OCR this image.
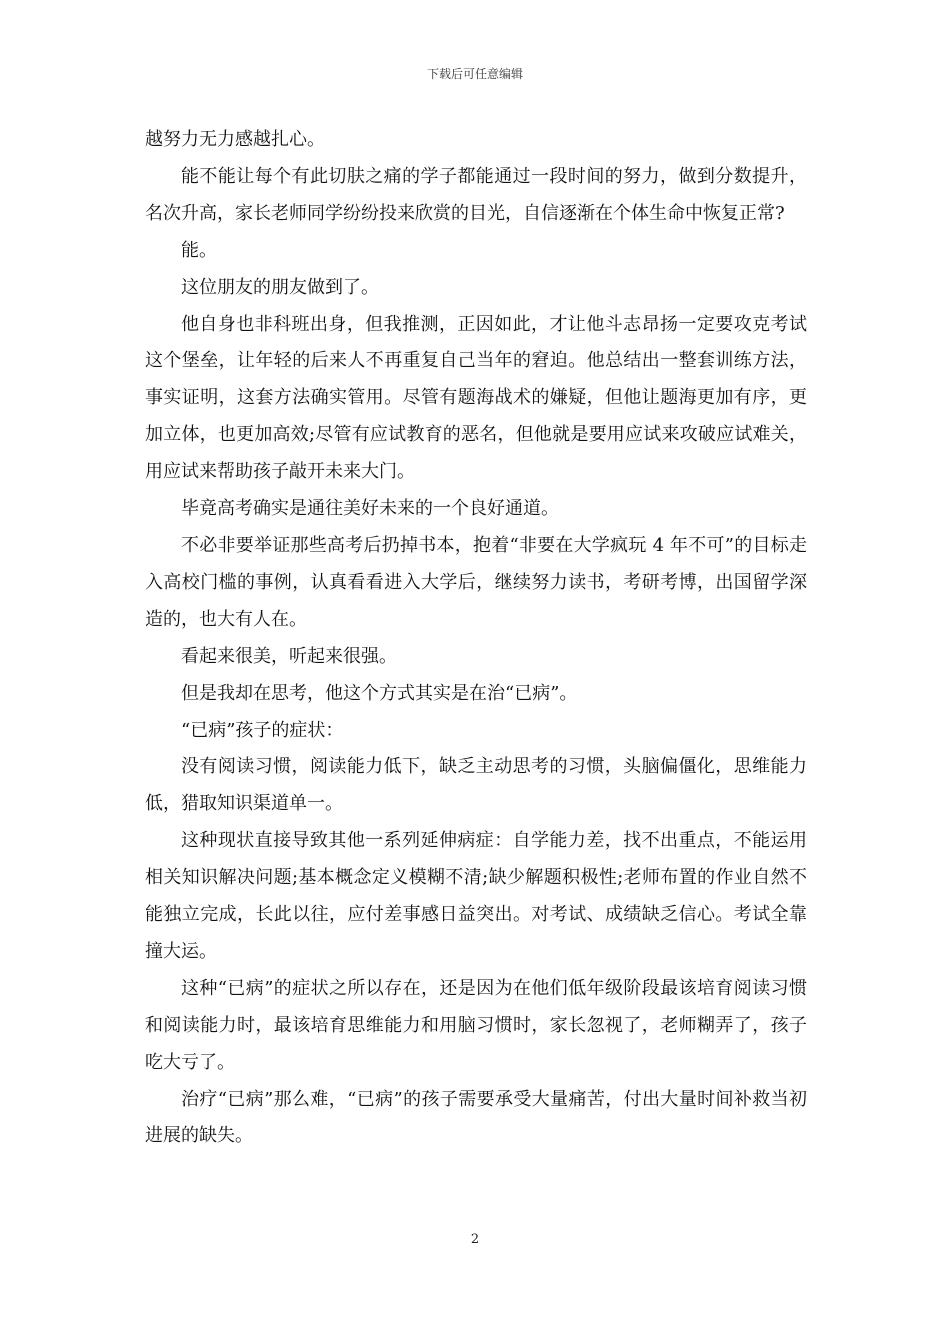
下载后可任意编辑

越努力无力感越扎心。

能不能让每个有此切肤之痛的学子都能通过一段时间的努力，做到分数提升，名次升高，家长老师同学纷纷投来欣赏的目光，自信逐渐在个体生命中恢复正常?

能。

这位朋友的朋友做到了。

他自身也非科班出身，但我推测，正因如此，才让他斗志昂扬一定要攻克考试这个堡垒，让年轻的后来人不再重复自己当年的窘迫。他总结出一整套训练方法，事实证明，这套方法确实管用。尽管有题海战术的嫌疑，但他让题海更加有序，更加立体，也更加高效;尽管有应试教育的恶名，但他就是要用应试来攻破应试难关，用应试来帮助孩子敲开未来大门。

毕竟高考确实是通往美好未来的一个良好通道。

不必非要举证那些高考后扔掉书本，抱着“非要在大学疯玩 4 年不可”的目标走入高校门槛的事例，认真看看进入大学后，继续努力读书，考研考博，出国留学深造的，也大有人在。

看起来很美，听起来很强。

但是我却在思考，他这个方式其实是在治“已病”。

“已病”孩子的症状：

没有阅读习惯，阅读能力低下，缺乏主动思考的习惯，头脑偏僵化，思维能力低，猎取知识渠道单一。

这种现状直接导致其他一系列延伸病症：自学能力差，找不出重点，不能运用相关知识解决问题;基本概念定义模糊不清;缺少解题积极性;老师布置的作业自然不能独立完成，长此以往，应付差事感日益突出。对考试、成绩缺乏信心。考试全靠撞大运。

这种“已病”的症状之所以存在，还是因为在他们低年级阶段最该培育阅读习惯和阅读能力时，最该培育思维能力和用脑习惯时，家长忽视了，老师糊弄了，孩子吃大亏了。

治疗“已病”那么难，“已病”的孩子需要承受大量痛苦，付出大量时间补救当初进展的缺失。

2
